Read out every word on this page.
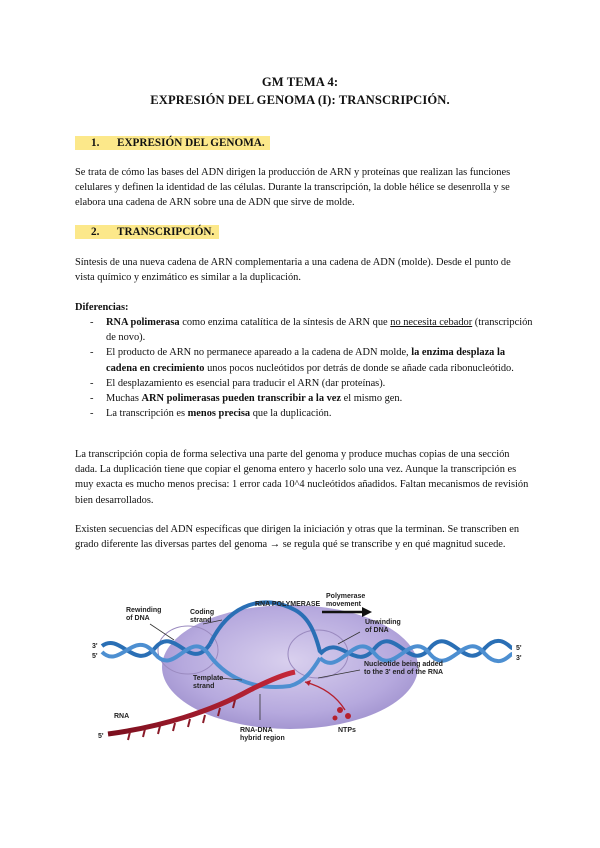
GM TEMA 4:
EXPRESIÓN DEL GENOMA (I): TRANSCRIPCIÓN.
1. EXPRESIÓN DEL GENOMA.
Se trata de cómo las bases del ADN dirigen la producción de ARN y proteínas que realizan las funciones celulares y definen la identidad de las células. Durante la transcripción, la doble hélice se desenrolla y se elabora una cadena de ARN sobre una de ADN que sirve de molde.
2. TRANSCRIPCIÓN.
Síntesis de una nueva cadena de ARN complementaria a una cadena de ADN (molde). Desde el punto de vista químico y enzimático es similar a la duplicación.
Diferencias:
- RNA polimerasa como enzima catalítica de la síntesis de ARN que no necesita cebador (transcripción de novo).
- El producto de ARN no permanece apareado a la cadena de ADN molde, la enzima desplaza la cadena en crecimiento unos pocos nucleótidos por detrás de donde se añade cada ribonucleótido.
- El desplazamiento es esencial para traducir el ARN (dar proteínas).
- Muchas ARN polimerasas pueden transcribir a la vez el mismo gen.
- La transcripción es menos precisa que la duplicación.
La transcripción copia de forma selectiva una parte del genoma y produce muchas copias de una sección dada. La duplicación tiene que copiar el genoma entero y hacerlo solo una vez. Aunque la transcripción es muy exacta es mucho menos precisa: 1 error cada 10^4 nucleótidos añadidos. Faltan mecanismos de revisión bien desarrollados.
Existen secuencias del ADN específicas que dirigen la iniciación y otras que la terminan. Se transcriben en grado diferente las diversas partes del genoma → se regula qué se transcribe y en qué magnitud sucede.
RNA POLYMERASE
Polymerase
movement
Rewinding
of DNA
Coding
strand	Unwinding
of DNA
Template
strand
Nucleotide being added
to the 3' end of the RNA
RNA
RNA-DNA
hybrid region
NTPs
3'
5'
5'
3'
5'
